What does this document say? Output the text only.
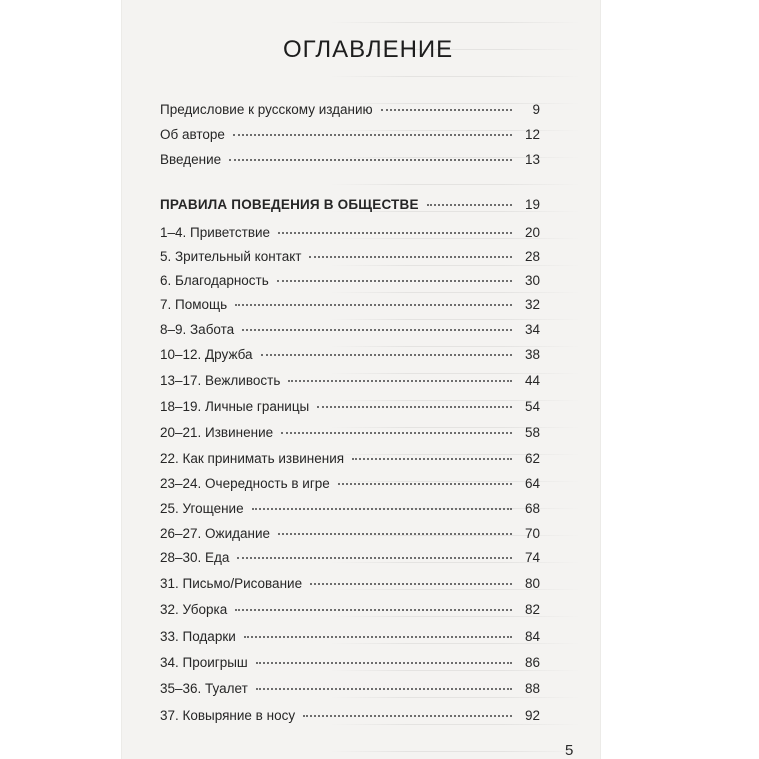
ОГЛАВЛЕНИЕ
Предисловие к русскому изданию	9
Об авторе	12
Введение	13
ПРАВИЛА ПОВЕДЕНИЯ В ОБЩЕСТВЕ	19
1–4. Приветствие	20
5. Зрительный контакт	28
6. Благодарность	30
7. Помощь	32
8–9. Забота	34
10–12. Дружба	38
13–17. Вежливость	44
18–19. Личные границы	54
20–21. Извинение	58
22. Как принимать извинения	62
23–24. Очередность в игре	64
25. Угощение	68
26–27. Ожидание	70
28–30. Еда	74
31. Письмо/Рисование	80
32. Уборка	82
33. Подарки	84
34. Проигрыш	86
35–36. Туалет	88
37. Ковыряние в носу	92
5
